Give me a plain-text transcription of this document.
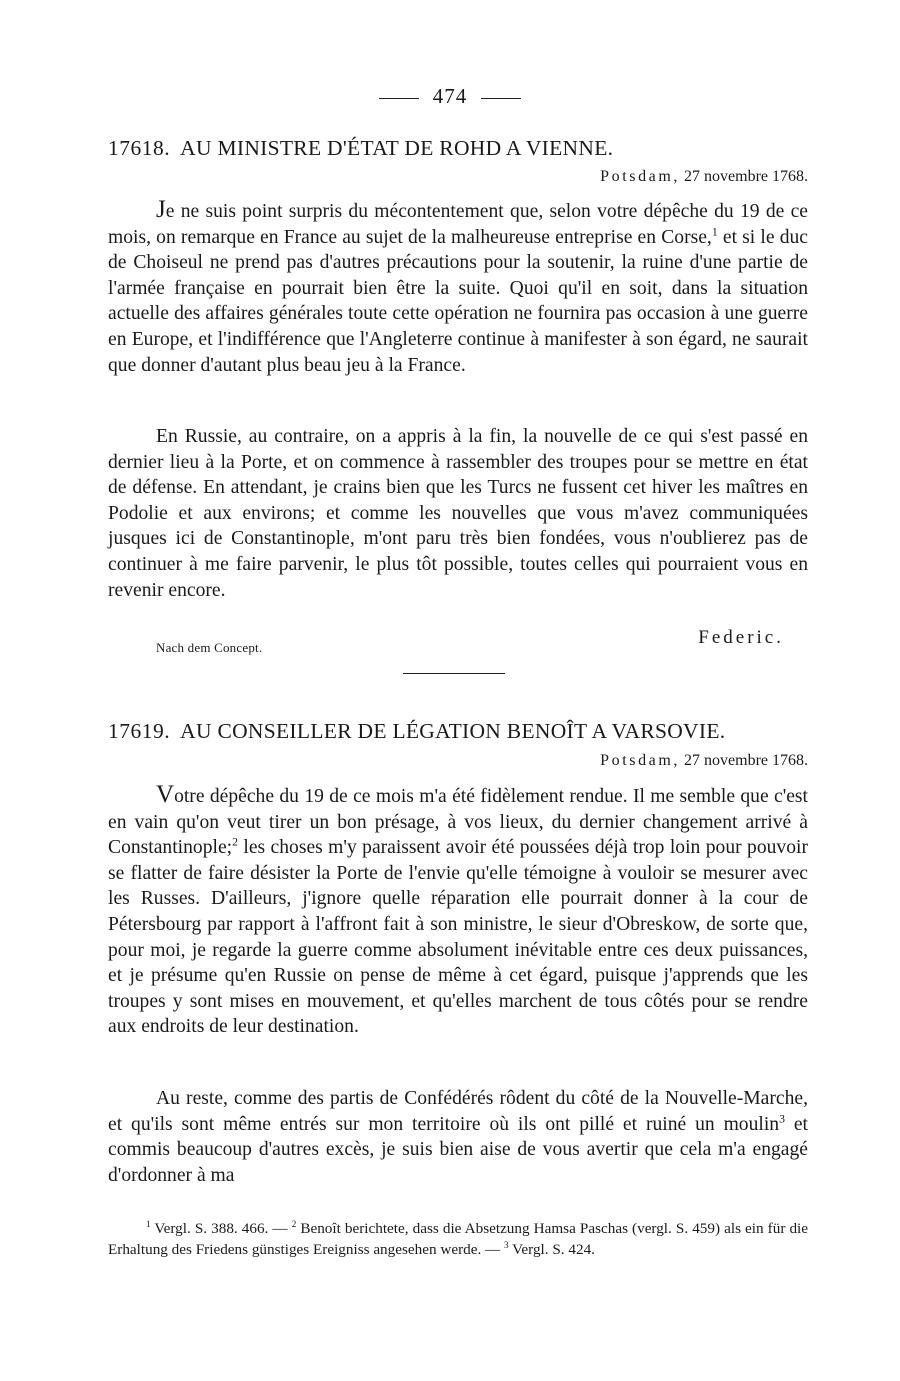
474
17618. AU MINISTRE D'ÉTAT DE ROHD A VIENNE.
Potsdam, 27 novembre 1768.

Je ne suis point surpris du mécontentement que, selon votre dépêche du 19 de ce mois, on remarque en France au sujet de la malheureuse entreprise en Corse,$^1$ et si le duc de Choiseul ne prend pas d'autres précautions pour la soutenir, la ruine d'une partie de l'armée française en pourrait bien être la suite. Quoi qu'il en soit, dans la situation actuelle des affaires générales toute cette opération ne fournira pas occasion à une guerre en Europe, et l'indifférence que l'Angleterre continue à manifester à son égard, ne saurait que donner d'autant plus beau jeu à la France.

En Russie, au contraire, on a appris à la fin, la nouvelle de ce qui s'est passé en dernier lieu à la Porte, et on commence à rassembler des troupes pour se mettre en état de défense. En attendant, je crains bien que les Turcs ne fussent cet hiver les maîtres en Podolie et aux environs; et comme les nouvelles que vous m'avez communiquées jusques ici de Constantinople, m'ont paru très bien fondées, vous n'oublierez pas de continuer à me faire parvenir, le plus tôt possible, toutes celles qui pourraient vous en revenir encore.

Nach dem Concept.	Federic.
17619. AU CONSEILLER DE LÉGATION BENOÎT A VARSOVIE.
Potsdam, 27 novembre 1768.

Votre dépêche du 19 de ce mois m'a été fidèlement rendue. Il me semble que c'est en vain qu'on veut tirer un bon présage, à vos lieux, du dernier changement arrivé à Constantinople;$^2$ les choses m'y paraissent avoir été poussées déjà trop loin pour pouvoir se flatter de faire désister la Porte de l'envie qu'elle témoigne à vouloir se mesurer avec les Russes. D'ailleurs, j'ignore quelle réparation elle pourrait donner à la cour de Pétersbourg par rapport à l'affront fait à son ministre, le sieur d'Obreskow, de sorte que, pour moi, je regarde la guerre comme absolument inévitable entre ces deux puissances, et je présume qu'en Russie on pense de même à cet égard, puisque j'apprends que les troupes y sont mises en mouvement, et qu'elles marchent de tous côtés pour se rendre aux endroits de leur destination.

Au reste, comme des partis de Confédérés rôdent du côté de la Nouvelle-Marche, et qu'ils sont même entrés sur mon territoire où ils ont pillé et ruiné un moulin$^3$ et commis beaucoup d'autres excès, je suis bien aise de vous avertir que cela m'a engagé d'ordonner à ma

$^1$ Vergl. S. 388. 466. — $^2$ Benoît berichtete, dass die Absetzung Hamsa Paschas (vergl. S. 459) als ein für die Erhaltung des Friedens günstiges Ereigniss angesehen werde. — $^3$ Vergl. S. 424.
